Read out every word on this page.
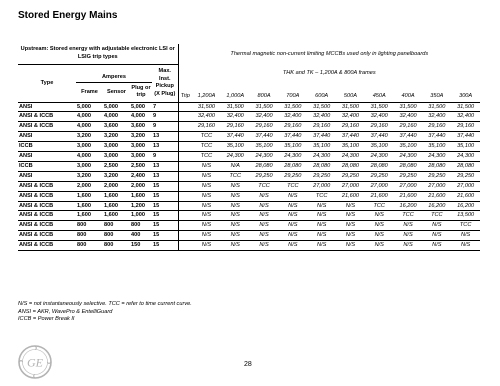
Stored Energy Mains
Upstream: Stored energy with adjustable electronic LSI or LSIG trip types					Thermal magnetic non-current limiting MCCBs used only in lighting panelboards										
Type	Amperes			Max. Inst. Pickup (X Plug)	THK and TK – 1,200A & 800A frames										
	Frame	Sensor	Plug or trip												
					Trip	1,200A	1,000A	800A	700A	600A	500A	450A	400A	350A	300A
ANSI	5,000	5,000	5,000	7		31,500	31,500	31,500	31,500	31,500	31,500	31,500	31,500	31,500	31,500
ANSI & ICCB	4,000	4,000	4,000	9		32,400	32,400	32,400	32,400	32,400	32,400	32,400	32,400	32,400	32,400
ANSI & ICCB	4,000	3,600	3,600	9		29,160	29,160	29,160	29,160	29,160	29,160	29,160	29,160	29,160	29,160
ANSI	3,200	3,200	3,200	13		TCC	37,440	37,440	37,440	37,440	37,440	37,440	37,440	37,440	37,440
ICCB	3,000	3,000	3,000	13		TCC	35,100	35,100	35,100	35,100	35,100	35,100	35,100	35,100	35,100
ANSI	4,000	3,000	3,000	9		TCC	24,300	24,300	24,300	24,300	24,300	24,300	24,300	24,300	24,300
ICCB	3,000	2,500	2,500	13		N/S	N/A	28,080	28,080	28,080	28,080	28,080	28,080	28,080	28,080
ANSI	3,200	3,200	2,400	13		N/S	TCC	29,250	29,250	29,250	29,250	29,250	29,250	29,250	29,250
ANSI & ICCB	2,000	2,000	2,000	15		N/S	N/S	TCC	TCC	27,000	27,000	27,000	27,000	27,000	27,000
ANSI & ICCB	1,600	1,600	1,600	15		N/S	N/S	N/S	N/S	TCC	21,600	21,600	21,600	21,600	21,600
ANSI & ICCB	1,600	1,600	1,200	15		N/S	N/S	N/S	N/S	N/S	N/S	TCC	16,200	16,200	16,200
ANSI & ICCB	1,600	1,600	1,000	15		N/S	N/S	N/S	N/S	N/S	N/S	N/S	TCC	TCC	13,500
ANSI & ICCB	800	800	800	15		N/S	N/S	N/S	N/S	N/S	N/S	N/S	N/S	N/S	TCC
ANSI & ICCB	800	800	400	15		N/S	N/S	N/S	N/S	N/S	N/S	N/S	N/S	N/S	N/S
ANSI & ICCB	800	800	150	15		N/S	N/S	N/S	N/S	N/S	N/S	N/S	N/S	N/S	N/S
N/S = not instantaneously selective. TCC = refer to time current curve.
ANSI = AKR, WavePro & EntelliGuard
ICCB = Power Break II
GE	28
